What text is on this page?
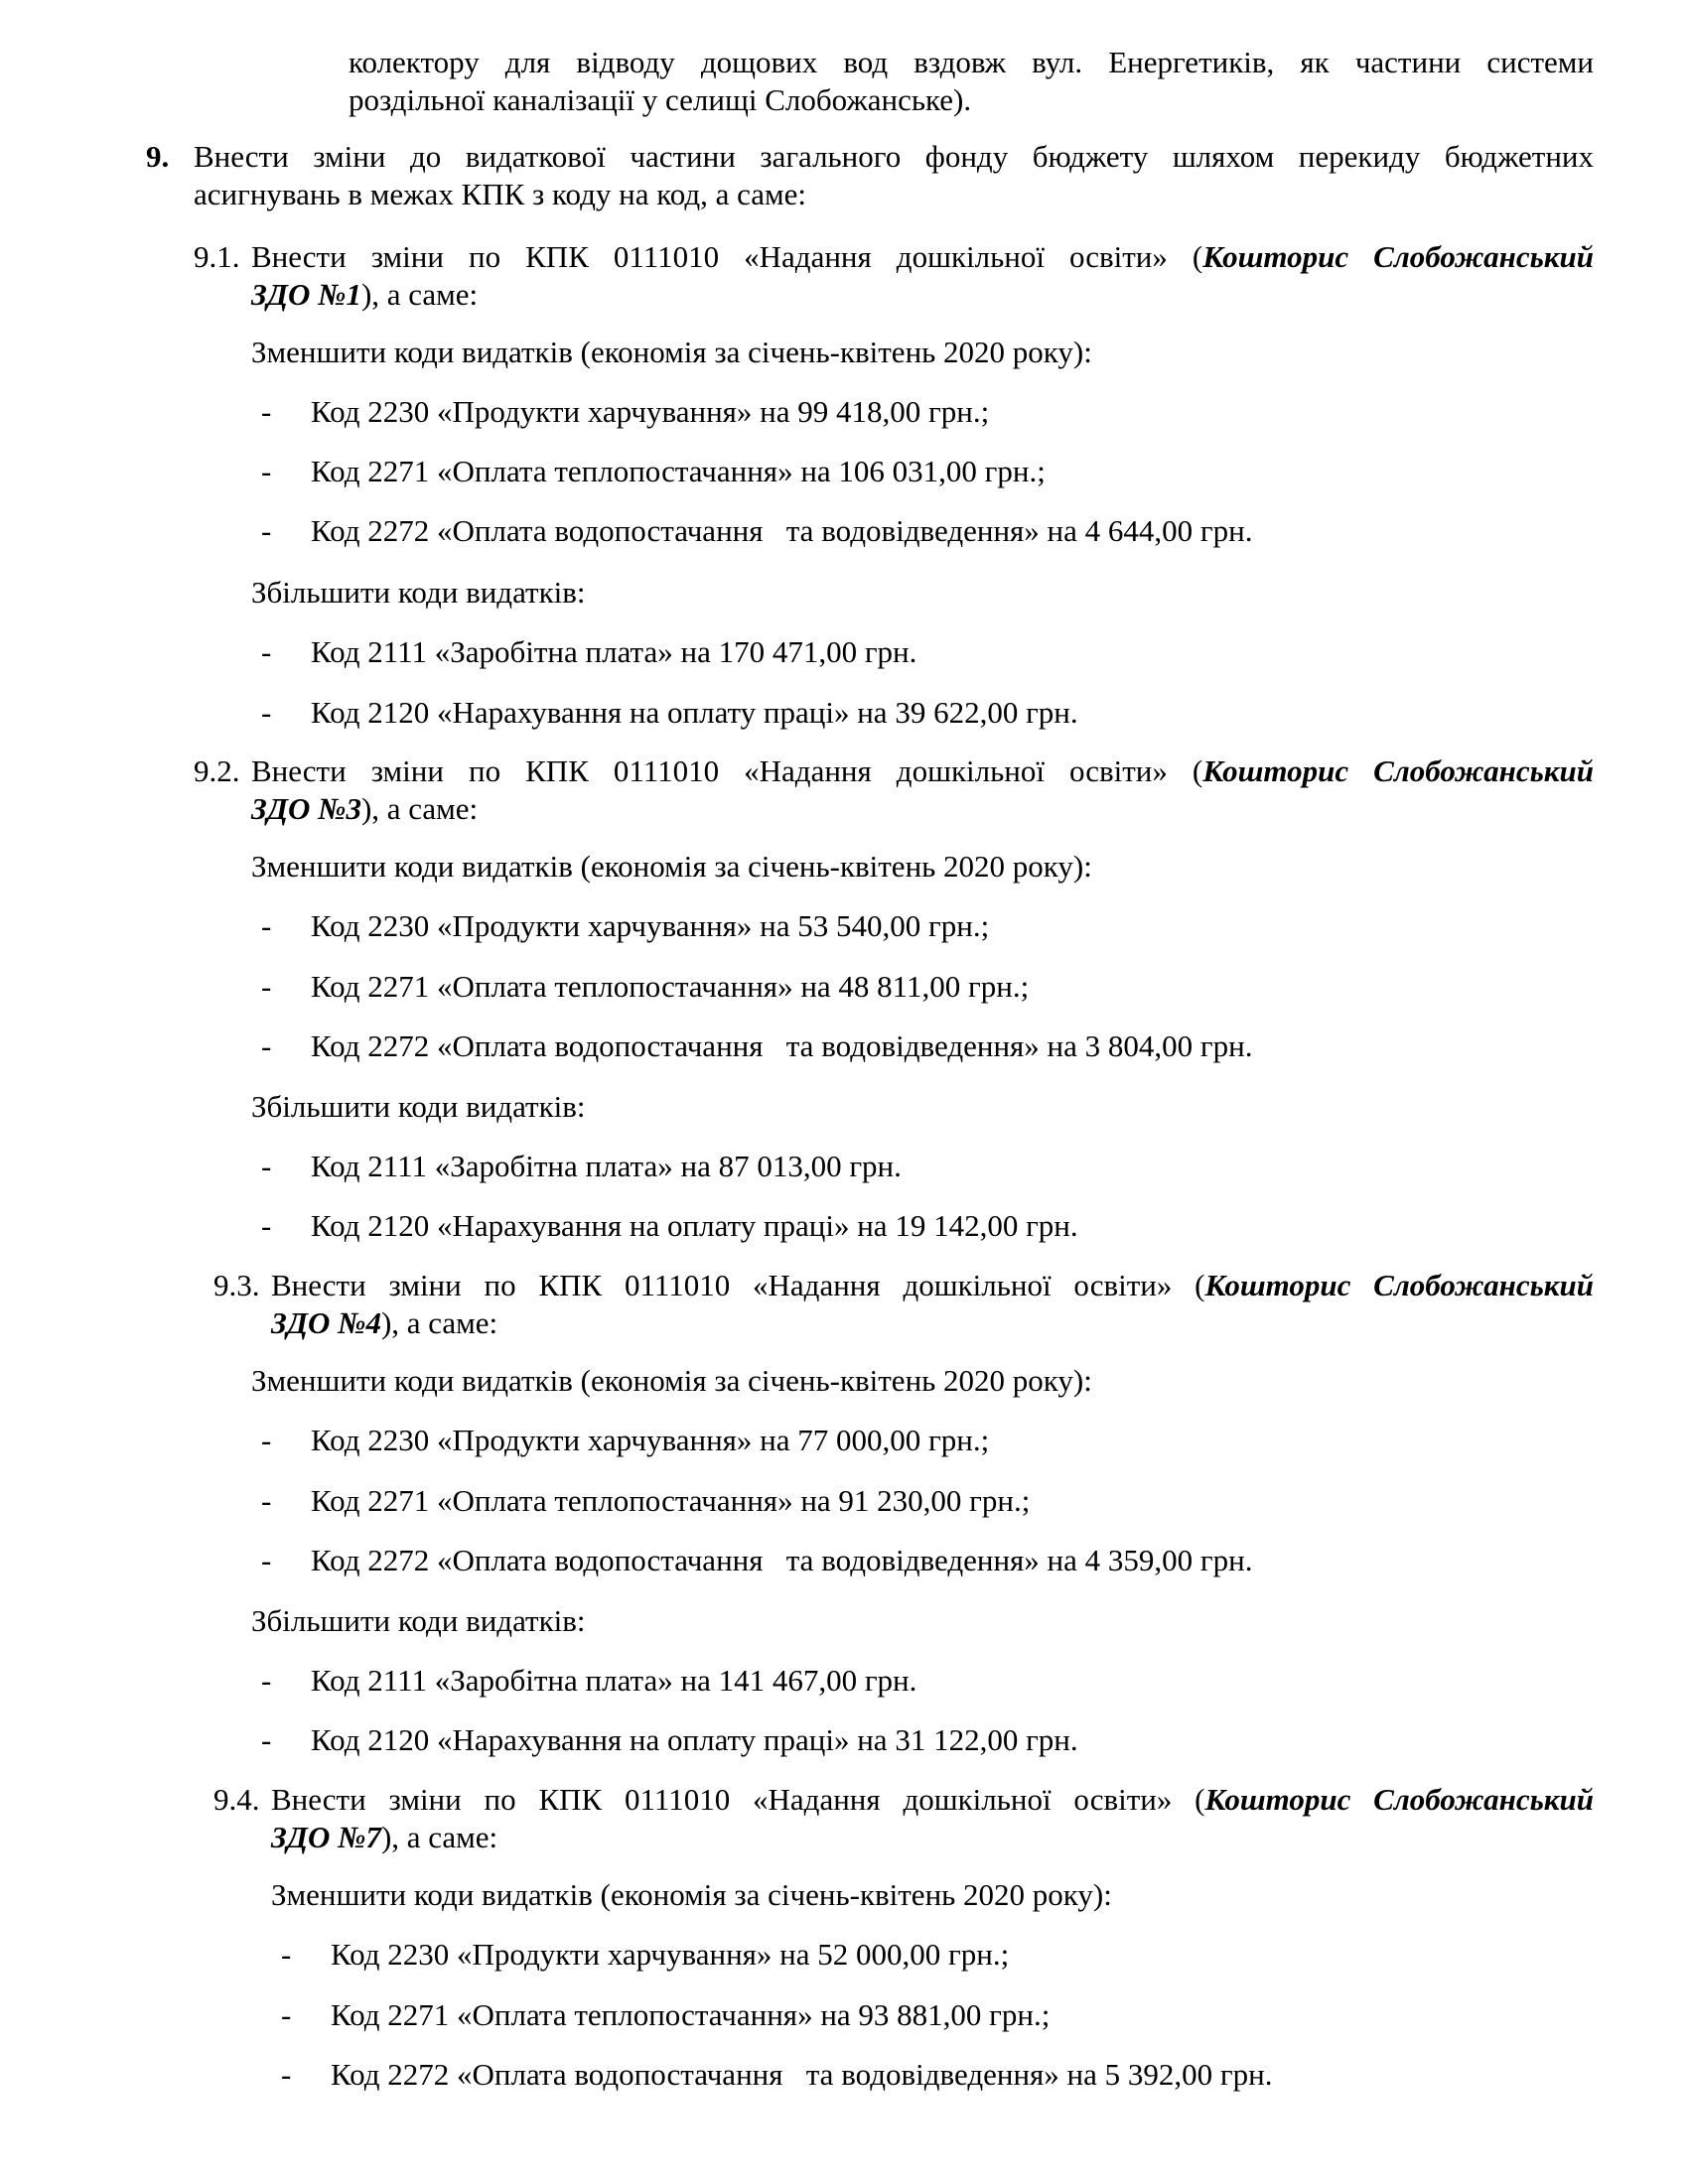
колектору для відводу дощових вод вздовж вул. Енергетиків, як частини системи
роздільної каналізації у селищі Слобожанське).
9. Внести зміни до видаткової частини загального фонду бюджету шляхом перекиду бюджетних
асигнувань в межах КПК з коду на код, а саме:
9.1. Внести зміни по КПК 0111010 «Надання дошкільної освіти» (Кошторис Слобожанський
ЗДО №1), а саме:
Зменшити коди видатків (економія за січень-квітень 2020 року):
- Код 2230 «Продукти харчування» на 99 418,00 грн.;
- Код 2271 «Оплата теплопостачання» на 106 031,00 грн.;
- Код 2272 «Оплата водопостачання   та водовідведення» на 4 644,00 грн.
Збільшити коди видатків:
- Код 2111 «Заробітна плата» на 170 471,00 грн.
- Код 2120 «Нарахування на оплату праці» на 39 622,00 грн.
9.2. Внести зміни по КПК 0111010 «Надання дошкільної освіти» (Кошторис Слобожанський
ЗДО №3), а саме:
Зменшити коди видатків (економія за січень-квітень 2020 року):
- Код 2230 «Продукти харчування» на 53 540,00 грн.;
- Код 2271 «Оплата теплопостачання» на 48 811,00 грн.;
- Код 2272 «Оплата водопостачання   та водовідведення» на 3 804,00 грн.
Збільшити коди видатків:
- Код 2111 «Заробітна плата» на 87 013,00 грн.
- Код 2120 «Нарахування на оплату праці» на 19 142,00 грн.
9.3. Внести зміни по КПК 0111010 «Надання дошкільної освіти» (Кошторис Слобожанський
ЗДО №4), а саме:
Зменшити коди видатків (економія за січень-квітень 2020 року):
- Код 2230 «Продукти харчування» на 77 000,00 грн.;
- Код 2271 «Оплата теплопостачання» на 91 230,00 грн.;
- Код 2272 «Оплата водопостачання   та водовідведення» на 4 359,00 грн.
Збільшити коди видатків:
- Код 2111 «Заробітна плата» на 141 467,00 грн.
- Код 2120 «Нарахування на оплату праці» на 31 122,00 грн.
9.4. Внести зміни по КПК 0111010 «Надання дошкільної освіти» (Кошторис Слобожанський
ЗДО №7), а саме:
Зменшити коди видатків (економія за січень-квітень 2020 року):
- Код 2230 «Продукти харчування» на 52 000,00 грн.;
- Код 2271 «Оплата теплопостачання» на 93 881,00 грн.;
- Код 2272 «Оплата водопостачання   та водовідведення» на 5 392,00 грн.
